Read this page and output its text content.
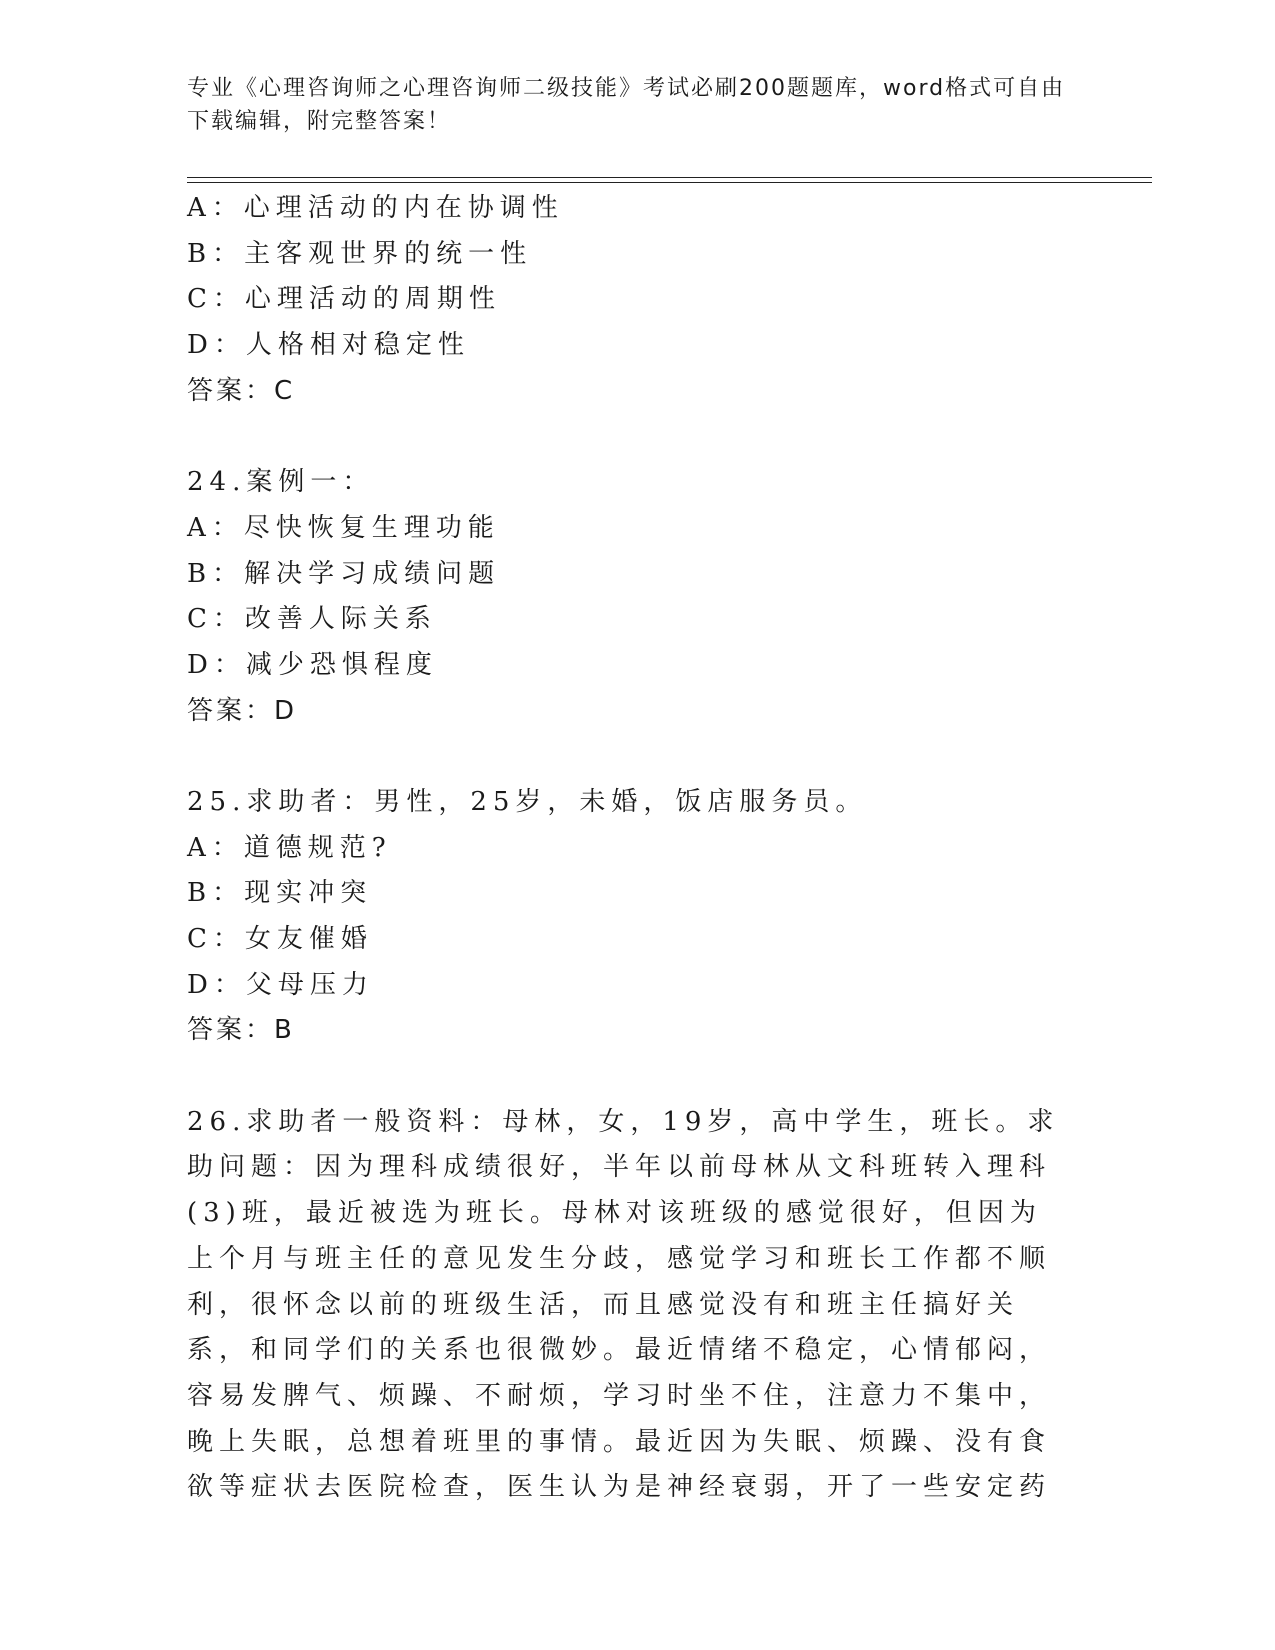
专业《心理咨询师之心理咨询师二级技能》考试必刷200题题库，word格式可自由下载编辑，附完整答案！
A：心理活动的内在协调性
B：主客观世界的统一性
C：心理活动的周期性
D：人格相对稳定性
答案：C
24.案例一：
A：尽快恢复生理功能
B：解决学习成绩问题
C：改善人际关系
D：减少恐惧程度
答案：D
25.求助者：男性，25岁，未婚，饭店服务员。
A：道德规范?
B：现实冲突
C：女友催婚
D：父母压力
答案：B
26.求助者一般资料：母林，女，19岁，高中学生，班长。求助问题：因为理科成绩很好，半年以前母林从文科班转入理科(3)班，最近被选为班长。母林对该班级的感觉很好，但因为上个月与班主任的意见发生分歧，感觉学习和班长工作都不顺利，很怀念以前的班级生活，而且感觉没有和班主任搞好关系，和同学们的关系也很微妙。最近情绪不稳定，心情郁闷，容易发脾气、烦躁、不耐烦，学习时坐不住，注意力不集中，晚上失眠，总想着班里的事情。最近因为失眠、烦躁、没有食欲等症状去医院检查，医生认为是神经衰弱，开了一些安定药
